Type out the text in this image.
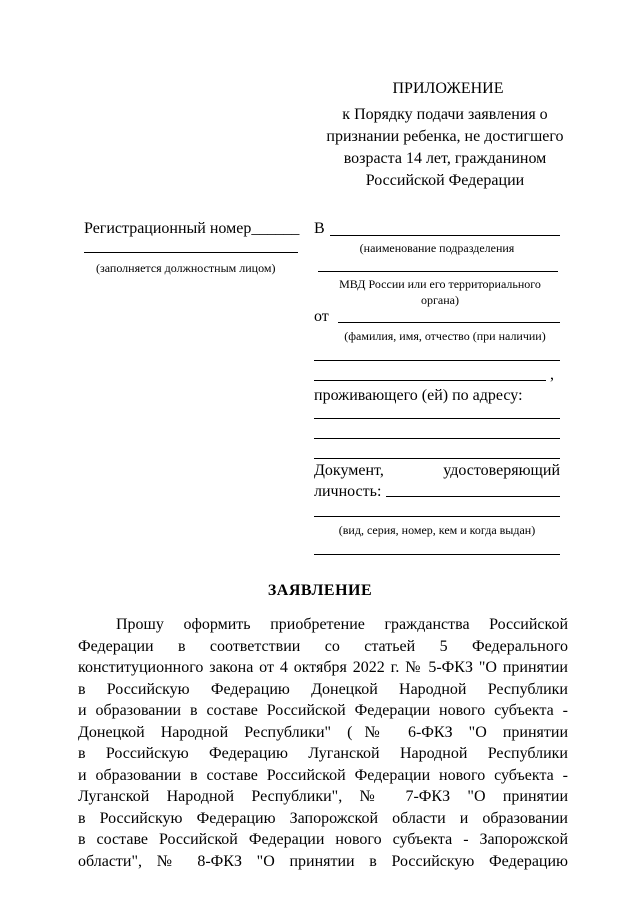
ПРИЛОЖЕНИЕ
к Порядку подачи заявления о
признании ребенка, не достигшего
возраста 14 лет, гражданином
Российской Федерации
Регистрационный номер______
(заполняется должностным лицом)
В
(наименование подразделения
МВД России или его территориального органа)
от
(фамилия, имя, отчество (при наличии)
,
проживающего (ей) по адресу:
Документ,	удостоверяющий
личность:
(вид, серия, номер, кем и когда выдан)
ЗАЯВЛЕНИЕ
Прошу оформить приобретение гражданства Российской
Федерации в соответствии со статьей 5 Федерального
конституционного закона от 4 октября 2022 г. № 5-ФКЗ "О принятии
в Российскую Федерацию Донецкой Народной Республики
и образовании в составе Российской Федерации нового субъекта -
Донецкой Народной Республики" (№ 6-ФКЗ "О принятии
в Российскую Федерацию Луганской Народной Республики
и образовании в составе Российской Федерации нового субъекта -
Луганской Народной Республики", № 7-ФКЗ "О принятии
в Российскую Федерацию Запорожской области и образовании
в составе Российской Федерации нового субъекта - Запорожской
области", № 8-ФКЗ "О принятии в Российскую Федерацию
